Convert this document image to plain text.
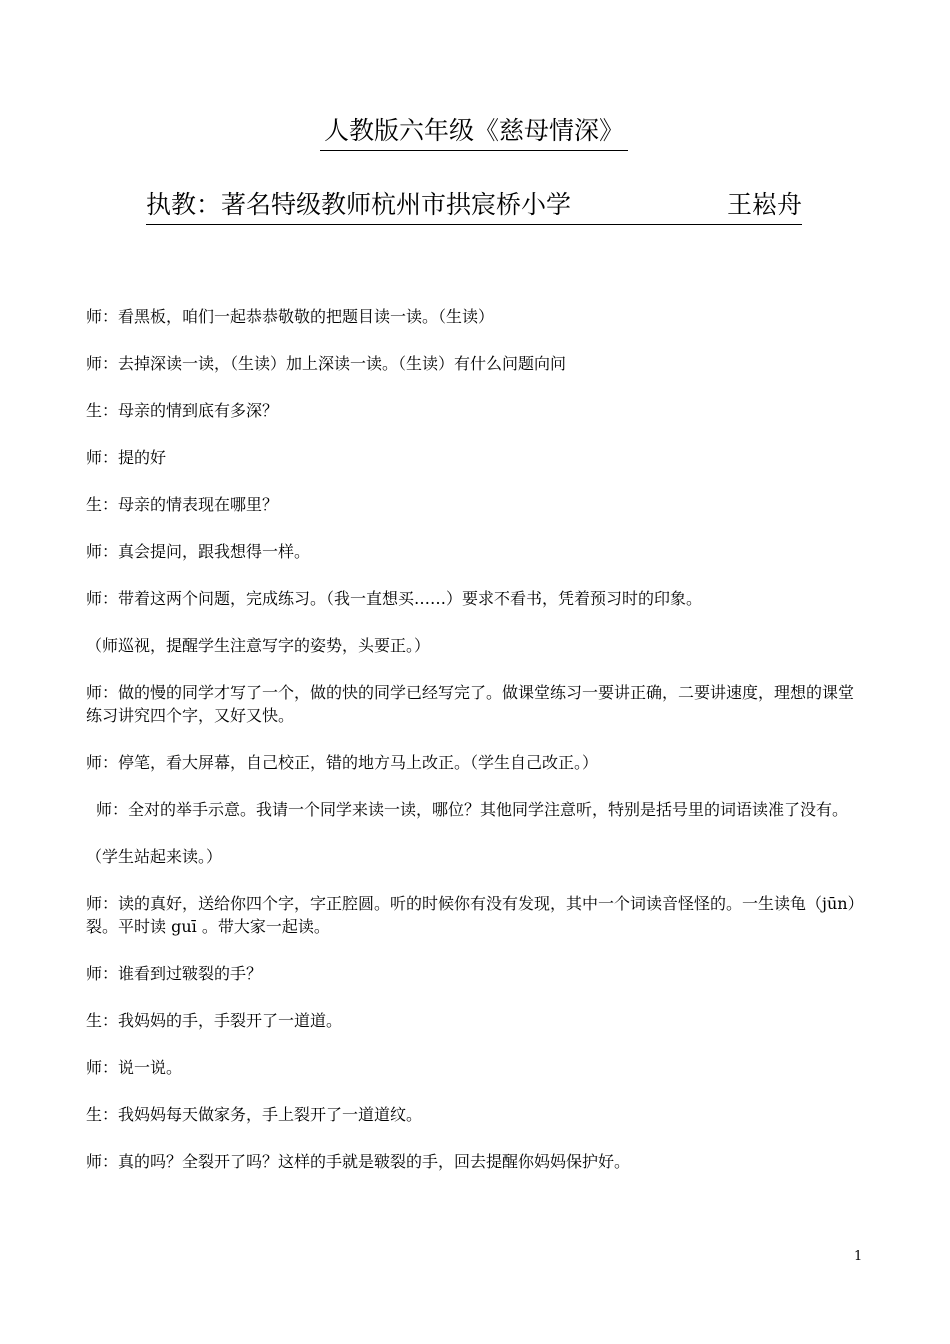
人教版六年级《慈母情深》
执教：著名特级教师杭州市拱宸桥小学	王崧舟

师：看黑板，咱们一起恭恭敬敬的把题目读一读。（生读）

师：去掉深读一读，（生读）加上深读一读。（生读）有什么问题向问

生：母亲的情到底有多深？

师：提的好

生：母亲的情表现在哪里？

师：真会提问，跟我想得一样。

师：带着这两个问题，完成练习。（我一直想买……）要求不看书，凭着预习时的印象。

（师巡视，提醒学生注意写字的姿势，头要正。）

师：做的慢的同学才写了一个，做的快的同学已经写完了。做课堂练习一要讲正确，二要讲速度，理想的课堂练习讲究四个字，又好又快。

师：停笔，看大屏幕，自己校正，错的地方马上改正。（学生自己改正。）

师：全对的举手示意。我请一个同学来读一读，哪位？其他同学注意听，特别是括号里的词语读准了没有。

（学生站起来读。）

师：读的真好，送给你四个字，字正腔圆。听的时候你有没有发现，其中一个词读音怪怪的。一生读龟（jūn）裂。平时读 guī 。带大家一起读。

师：谁看到过皲裂的手？

生：我妈妈的手，手裂开了一道道。

师：说一说。

生：我妈妈每天做家务，手上裂开了一道道纹。

师：真的吗？全裂开了吗？这样的手就是皲裂的手，回去提醒你妈妈保护好。

1
